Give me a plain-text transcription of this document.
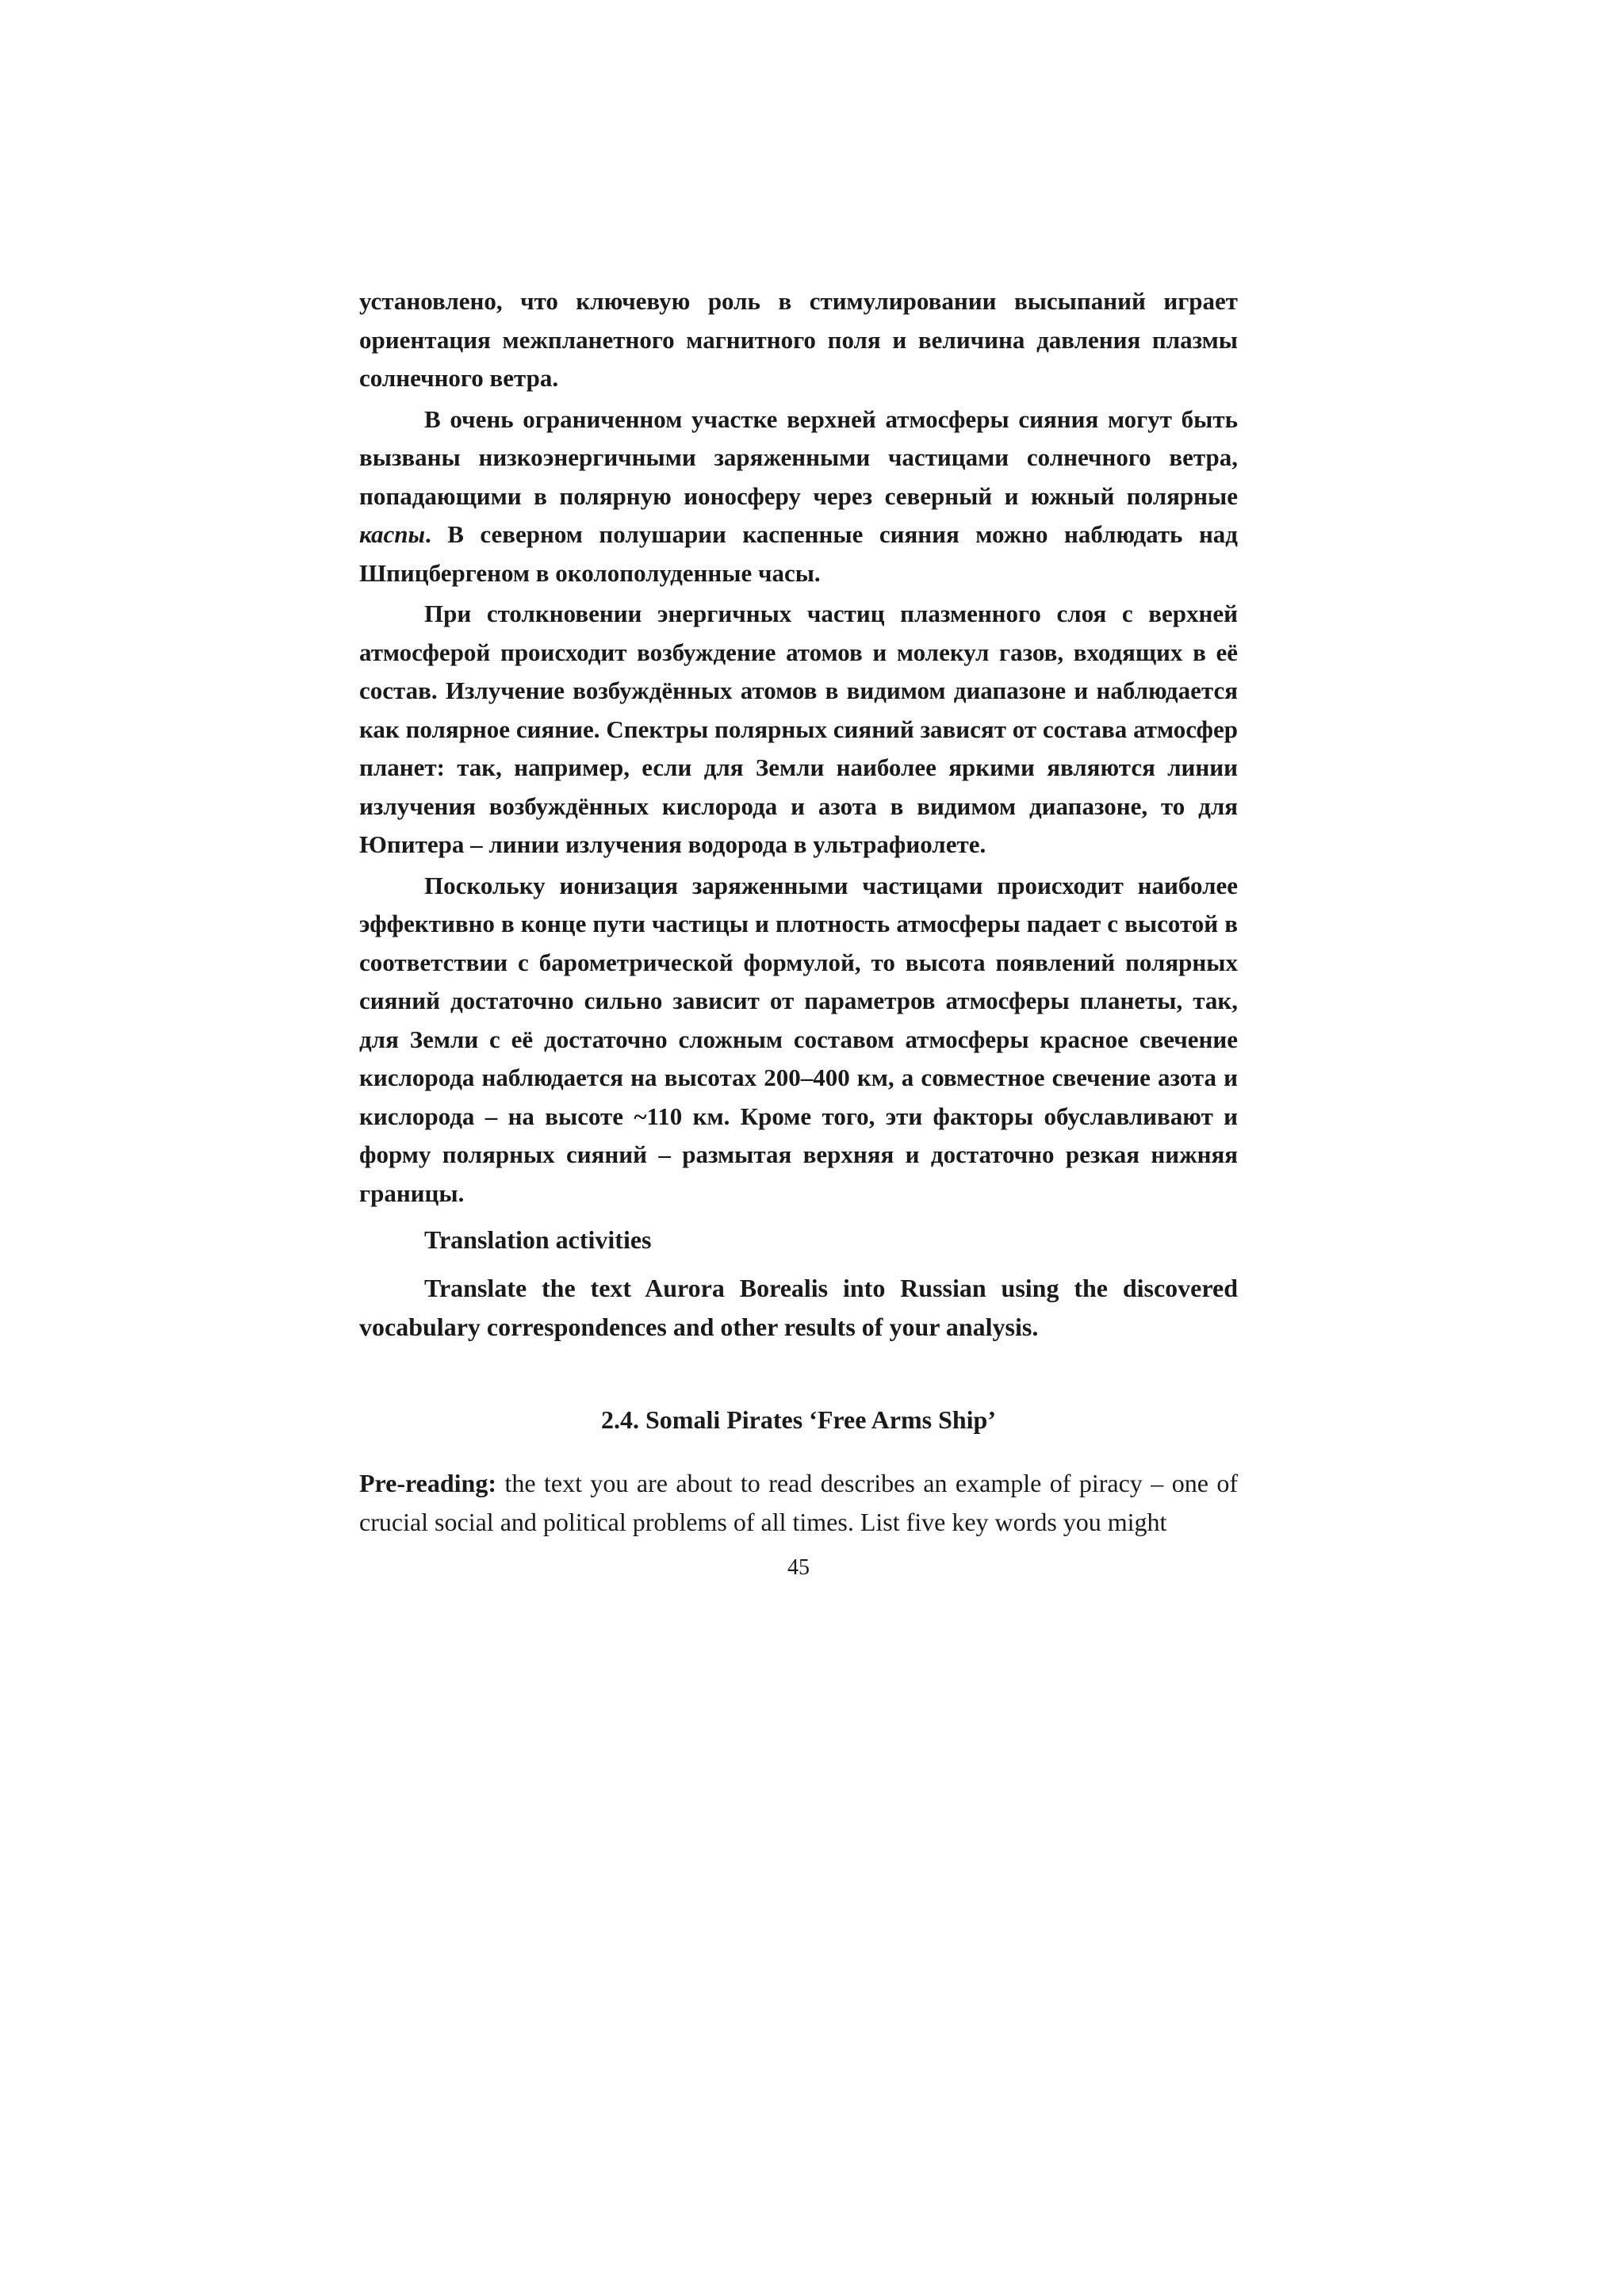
установлено, что ключевую роль в стимулировании высыпаний играет ориентация межпланетного магнитного поля и величина давления плазмы солнечного ветра.

В очень ограниченном участке верхней атмосферы сияния могут быть вызваны низкоэнергичными заряженными частицами солнечного ветра, попадающими в полярную ионосферу через северный и южный полярные каспы. В северном полушарии каспенные сияния можно наблюдать над Шпицбергеном в околополуденные часы.

При столкновении энергичных частиц плазменного слоя с верхней атмосферой происходит возбуждение атомов и молекул газов, входящих в её состав. Излучение возбуждённых атомов в видимом диапазоне и наблюдается как полярное сияние. Спектры полярных сияний зависят от состава атмосфер планет: так, например, если для Земли наиболее яркими являются линии излучения возбуждённых кислорода и азота в видимом диапазоне, то для Юпитера – линии излучения водорода в ультрафиолете.

Поскольку ионизация заряженными частицами происходит наиболее эффективно в конце пути частицы и плотность атмосферы падает с высотой в соответствии с барометрической формулой, то высота появлений полярных сияний достаточно сильно зависит от параметров атмосферы планеты, так, для Земли с её достаточно сложным составом атмосферы красное свечение кислорода наблюдается на высотах 200–400 км, а совместное свечение азота и кислорода – на высоте ~110 км. Кроме того, эти факторы обуславливают и форму полярных сияний – размытая верхняя и достаточно резкая нижняя границы.

Translation activities

Translate the text Aurora Borealis into Russian using the discovered vocabulary correspondences and other results of your analysis.

2.4. Somali Pirates ‘Free Arms Ship’

Pre-reading: the text you are about to read describes an example of piracy – one of crucial social and political problems of all times. List five key words you might

45
